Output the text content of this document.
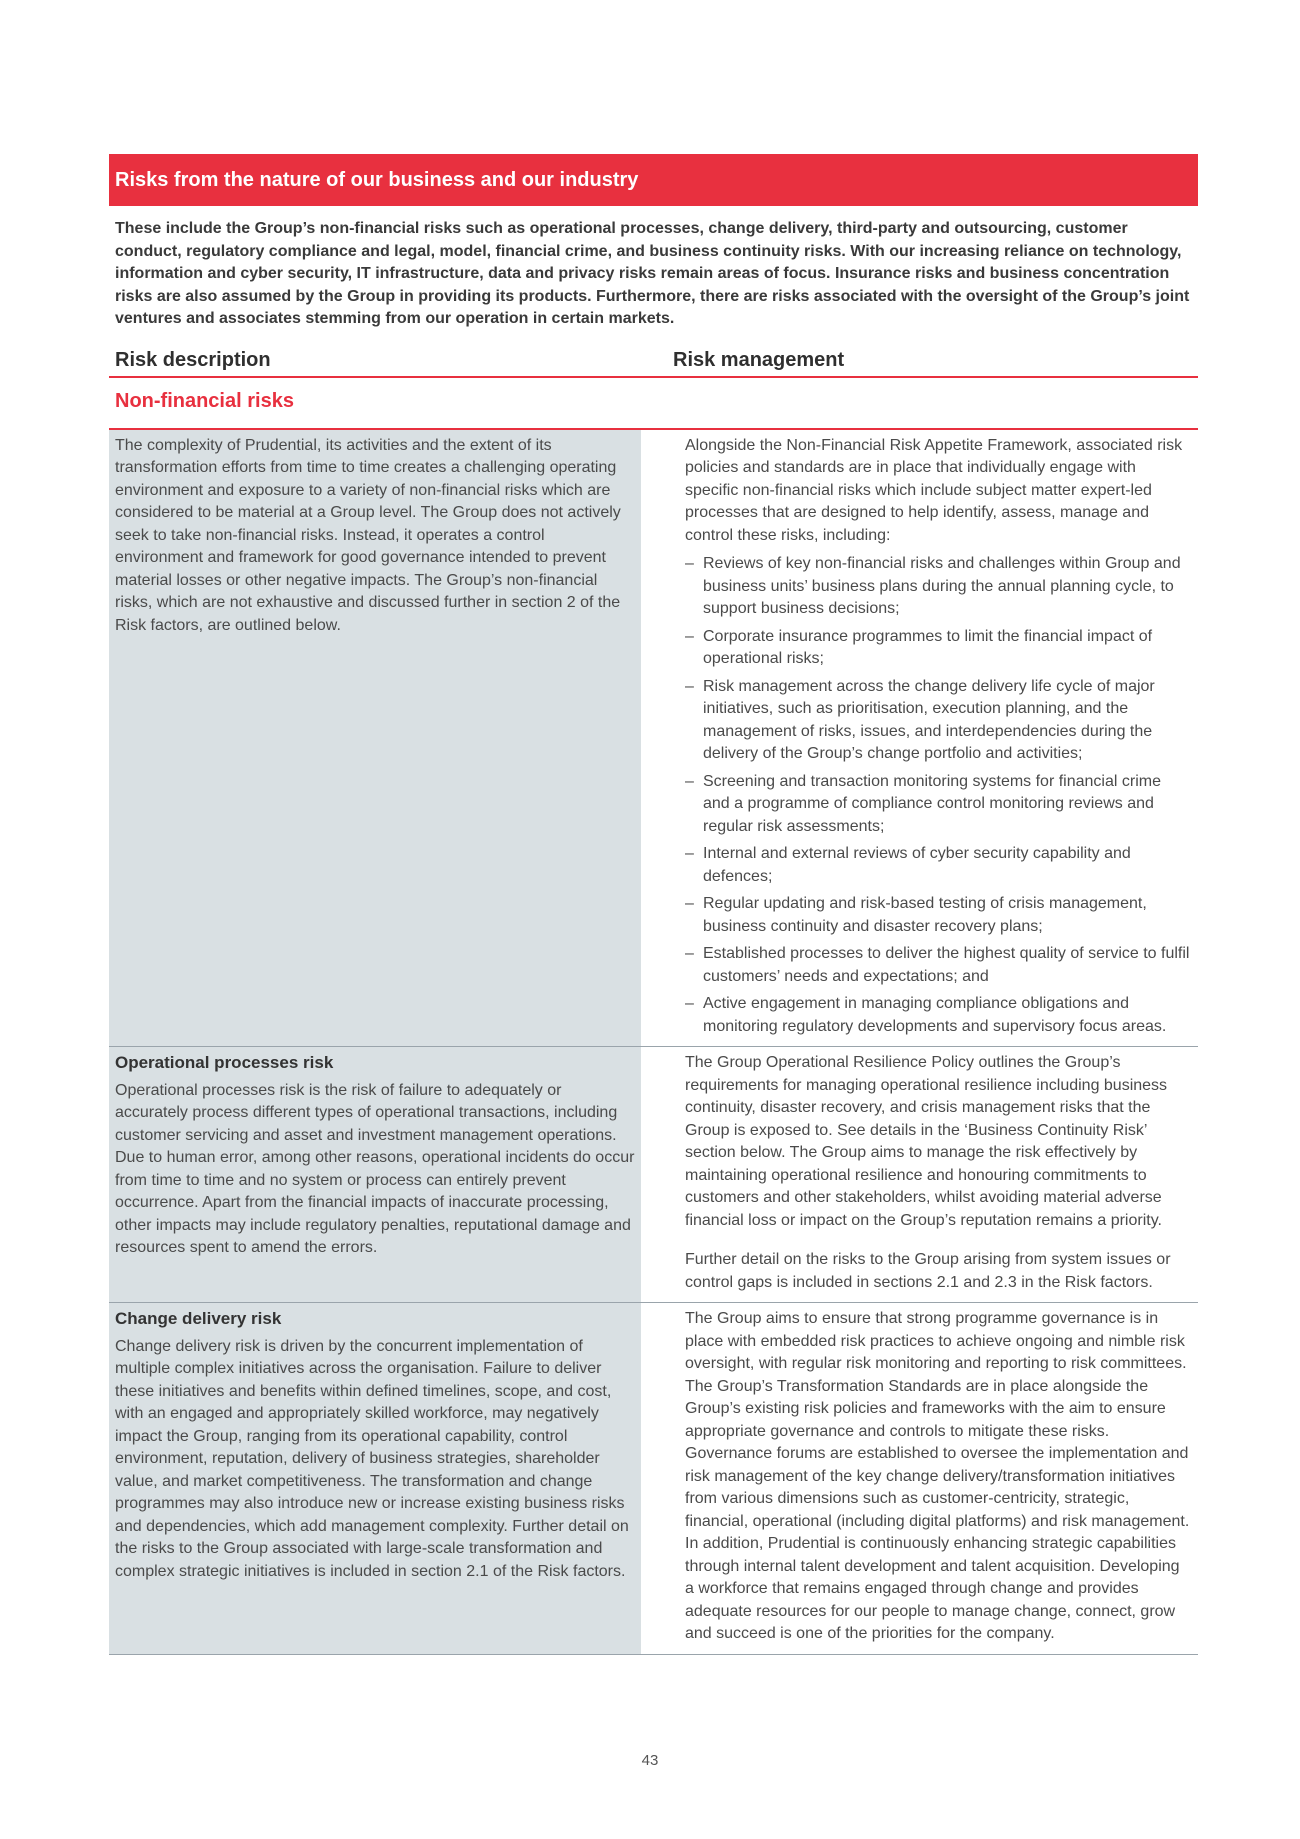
Risks from the nature of our business and our industry
These include the Group’s non-financial risks such as operational processes, change delivery, third-party and outsourcing, customer conduct, regulatory compliance and legal, model, financial crime, and business continuity risks. With our increasing reliance on technology, information and cyber security, IT infrastructure, data and privacy risks remain areas of focus. Insurance risks and business concentration risks are also assumed by the Group in providing its products. Furthermore, there are risks associated with the oversight of the Group’s joint ventures and associates stemming from our operation in certain markets.
Risk description	Risk management
Non-financial risks

The complexity of Prudential, its activities and the extent of its transformation efforts from time to time creates a challenging operating environment and exposure to a variety of non-financial risks which are considered to be material at a Group level. The Group does not actively seek to take non-financial risks. Instead, it operates a control environment and framework for good governance intended to prevent material losses or other negative impacts. The Group’s non-financial risks, which are not exhaustive and discussed further in section 2 of the Risk factors, are outlined below.

Alongside the Non-Financial Risk Appetite Framework, associated risk policies and standards are in place that individually engage with specific non-financial risks which include subject matter expert-led processes that are designed to help identify, assess, manage and control these risks, including:

– Reviews of key non-financial risks and challenges within Group and business units’ business plans during the annual planning cycle, to support business decisions;
– Corporate insurance programmes to limit the financial impact of operational risks;
– Risk management across the change delivery life cycle of major initiatives, such as prioritisation, execution planning, and the management of risks, issues, and interdependencies during the delivery of the Group’s change portfolio and activities;
– Screening and transaction monitoring systems for financial crime and a programme of compliance control monitoring reviews and regular risk assessments;
– Internal and external reviews of cyber security capability and defences;
– Regular updating and risk-based testing of crisis management, business continuity and disaster recovery plans;
– Established processes to deliver the highest quality of service to fulfil customers’ needs and expectations; and
– Active engagement in managing compliance obligations and monitoring regulatory developments and supervisory focus areas.
Operational processes risk

Operational processes risk is the risk of failure to adequately or accurately process different types of operational transactions, including customer servicing and asset and investment management operations. Due to human error, among other reasons, operational incidents do occur from time to time and no system or process can entirely prevent occurrence. Apart from the financial impacts of inaccurate processing, other impacts may include regulatory penalties, reputational damage and resources spent to amend the errors.

The Group Operational Resilience Policy outlines the Group’s requirements for managing operational resilience including business continuity, disaster recovery, and crisis management risks that the Group is exposed to. See details in the ‘Business Continuity Risk’ section below. The Group aims to manage the risk effectively by maintaining operational resilience and honouring commitments to customers and other stakeholders, whilst avoiding material adverse financial loss or impact on the Group’s reputation remains a priority.

Further detail on the risks to the Group arising from system issues or control gaps is included in sections 2.1 and 2.3 in the Risk factors.

Change delivery risk

Change delivery risk is driven by the concurrent implementation of multiple complex initiatives across the organisation. Failure to deliver these initiatives and benefits within defined timelines, scope, and cost, with an engaged and appropriately skilled workforce, may negatively impact the Group, ranging from its operational capability, control environment, reputation, delivery of business strategies, shareholder value, and market competitiveness. The transformation and change programmes may also introduce new or increase existing business risks and dependencies, which add management complexity. Further detail on the risks to the Group associated with large-scale transformation and complex strategic initiatives is included in section 2.1 of the Risk factors.

The Group aims to ensure that strong programme governance is in place with embedded risk practices to achieve ongoing and nimble risk oversight, with regular risk monitoring and reporting to risk committees. The Group’s Transformation Standards are in place alongside the Group’s existing risk policies and frameworks with the aim to ensure appropriate governance and controls to mitigate these risks. Governance forums are established to oversee the implementation and risk management of the key change delivery/transformation initiatives from various dimensions such as customer-centricity, strategic, financial, operational (including digital platforms) and risk management. In addition, Prudential is continuously enhancing strategic capabilities through internal talent development and talent acquisition. Developing a workforce that remains engaged through change and provides adequate resources for our people to manage change, connect, grow and succeed is one of the priorities for the company.

43
